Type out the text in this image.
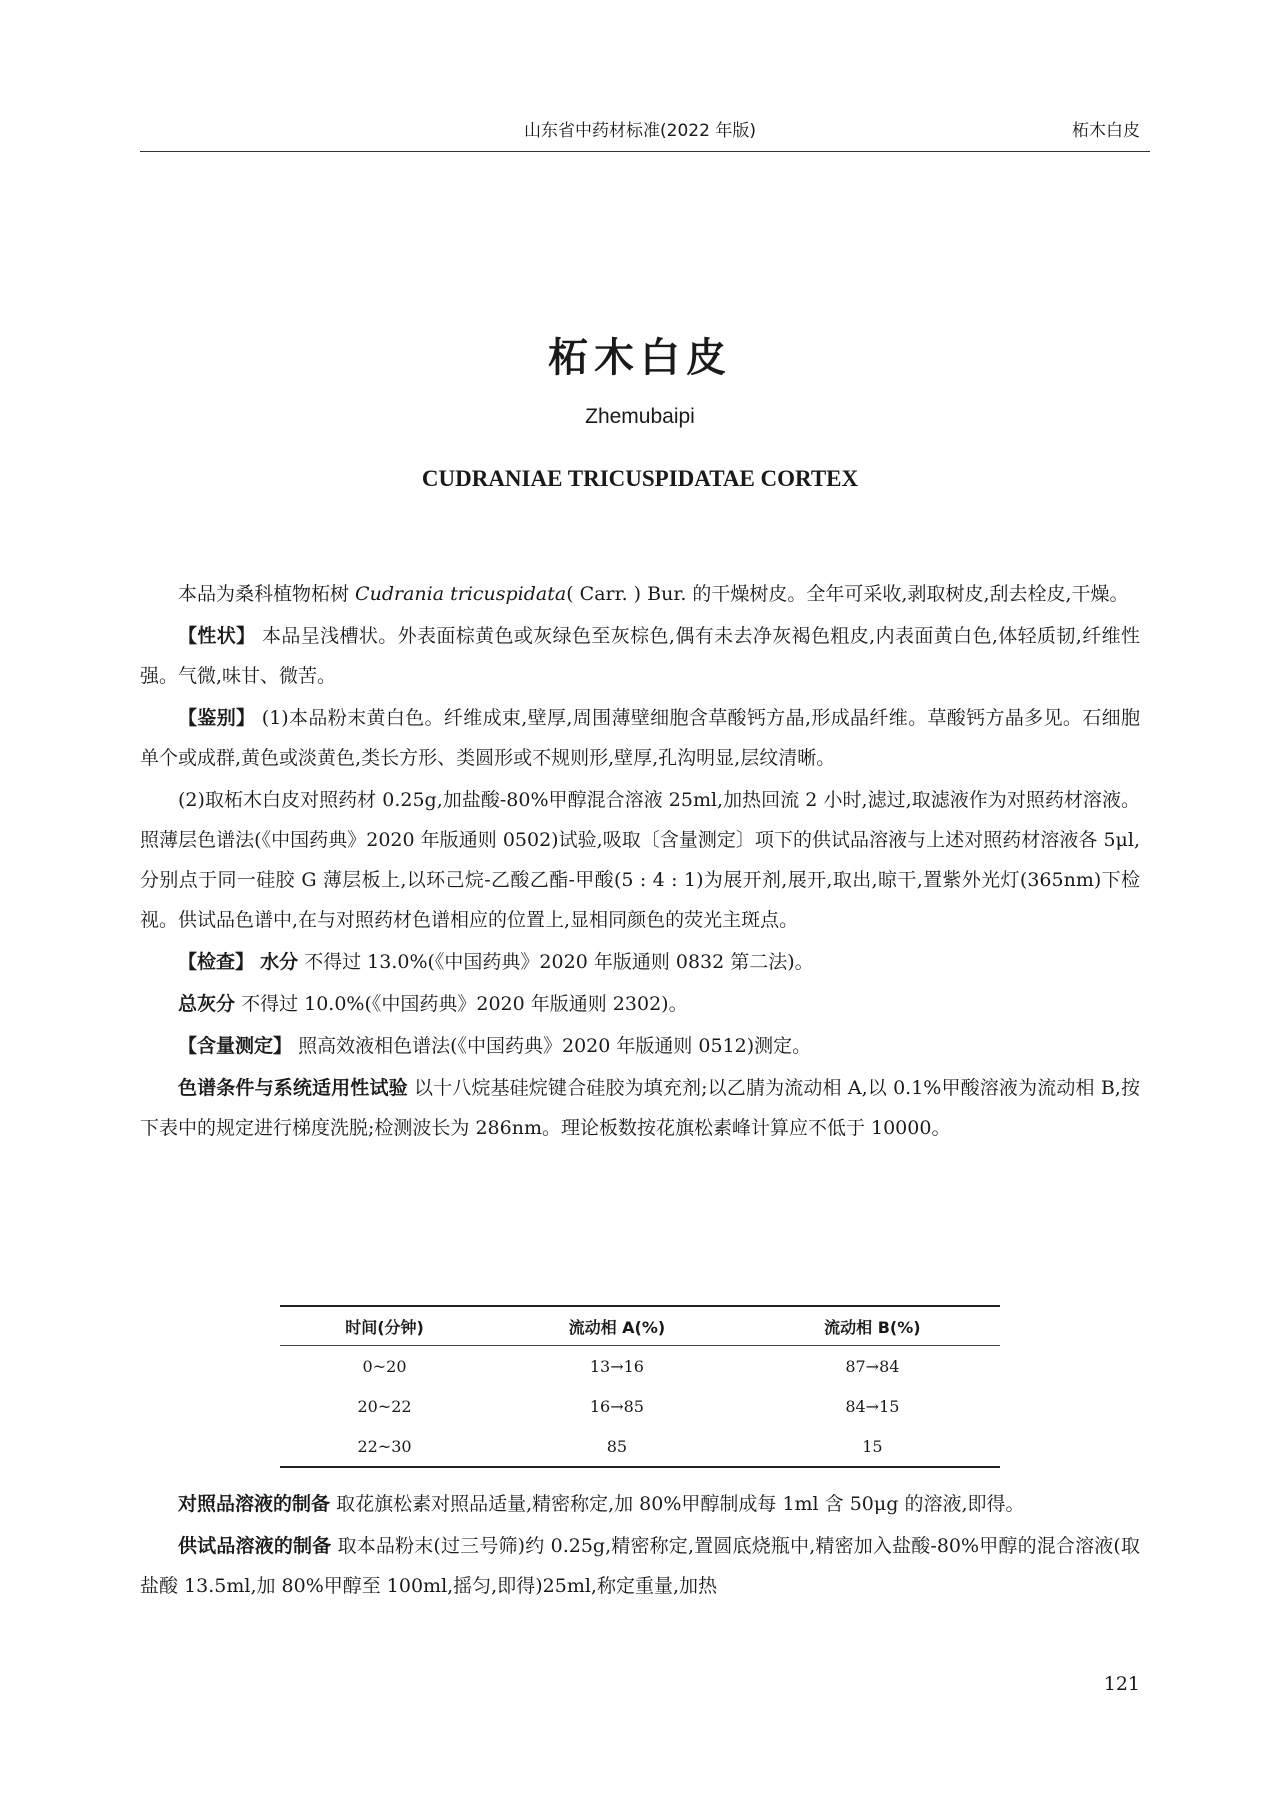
山东省中药材标准(2022 年版)	柘木白皮
柘木白皮
Zhemubaipi
CUDRANIAE TRICUSPIDATAE CORTEX

本品为桑科植物柘树 Cudrania tricuspidata( Carr. ) Bur. 的干燥树皮。全年可采收,剥取树皮,刮去栓皮,干燥。

【性状】 本品呈浅槽状。外表面棕黄色或灰绿色至灰棕色,偶有未去净灰褐色粗皮,内表面黄白色,体轻质韧,纤维性强。气微,味甘、微苦。

【鉴别】 (1)本品粉末黄白色。纤维成束,壁厚,周围薄壁细胞含草酸钙方晶,形成晶纤维。草酸钙方晶多见。石细胞单个或成群,黄色或淡黄色,类长方形、类圆形或不规则形,壁厚,孔沟明显,层纹清晰。

(2)取柘木白皮对照药材 0.25g,加盐酸-80%甲醇混合溶液 25ml,加热回流 2 小时,滤过,取滤液作为对照药材溶液。照薄层色谱法(《中国药典》2020 年版通则 0502)试验,吸取〔含量测定〕项下的供试品溶液与上述对照药材溶液各 5μl,分别点于同一硅胶 G 薄层板上,以环己烷-乙酸乙酯-甲酸(5 : 4 : 1)为展开剂,展开,取出,晾干,置紫外光灯(365nm)下检视。供试品色谱中,在与对照药材色谱相应的位置上,显相同颜色的荧光主斑点。

【检查】 水分 不得过 13.0%(《中国药典》2020 年版通则 0832 第二法)。

总灰分 不得过 10.0%(《中国药典》2020 年版通则 2302)。

【含量测定】 照高效液相色谱法(《中国药典》2020 年版通则 0512)测定。

色谱条件与系统适用性试验 以十八烷基硅烷键合硅胶为填充剂;以乙腈为流动相 A,以 0.1%甲酸溶液为流动相 B,按下表中的规定进行梯度洗脱;检测波长为 286nm。理论板数按花旗松素峰计算应不低于 10000。

时间(分钟)	流动相 A(%)	流动相 B(%)
0~20	13→16	87→84
20~22	16→85	84→15
22~30	85	15

对照品溶液的制备 取花旗松素对照品适量,精密称定,加 80%甲醇制成每 1ml 含 50μg 的溶液,即得。

供试品溶液的制备 取本品粉末(过三号筛)约 0.25g,精密称定,置圆底烧瓶中,精密加入盐酸-80%甲醇的混合溶液(取盐酸 13.5ml,加 80%甲醇至 100ml,摇匀,即得)25ml,称定重量,加热

121
